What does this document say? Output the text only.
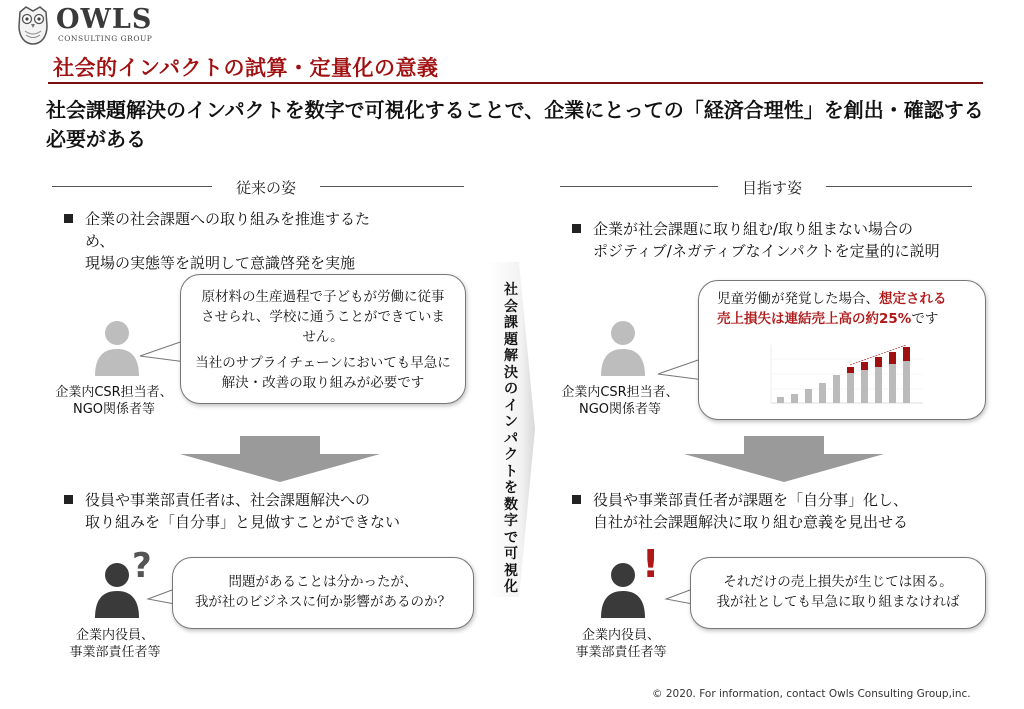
OWLS
CONSULTING GROUP
社会的インパクトの試算・定量化の意義
社会課題解決のインパクトを数字で可視化することで、企業にとっての「経済合理性」を創出・確認する必要がある
従来の姿	目指す姿
企業の社会課題への取り組みを推進するた
め、
現場の実態等を説明して意識啓発を実施
企業内CSR担当者、
NGO関係者等
原材料の生産過程で子どもが労働に従事させられ、学校に通うことができていません。
当社のサプライチェーンにおいても早急に解決・改善の取り組みが必要です
役員や事業部責任者は、社会課題解決への
取り組みを「自分事」と見做すことができない
?
企業内役員、
事業部責任者等
問題があることは分かったが、
我が社のビジネスに何か影響があるのか？
社会課題解決のインパクトを数字で可視化
企業が社会課題に取り組む/取り組まない場合の
ポジティブ/ネガティブなインパクトを定量的に説明
企業内CSR担当者、
NGO関係者等
児童労働が発覚した場合、想定される
売上損失は連結売上高の約25%です
役員や事業部責任者が課題を「自分事」化し、
自社が社会課題解決に取り組む意義を見出せる
!
企業内役員、
事業部責任者等
それだけの売上損失が生じては困る。
我が社としても早急に取り組まなければ
© 2020. For information, contact Owls Consulting Group,inc.
